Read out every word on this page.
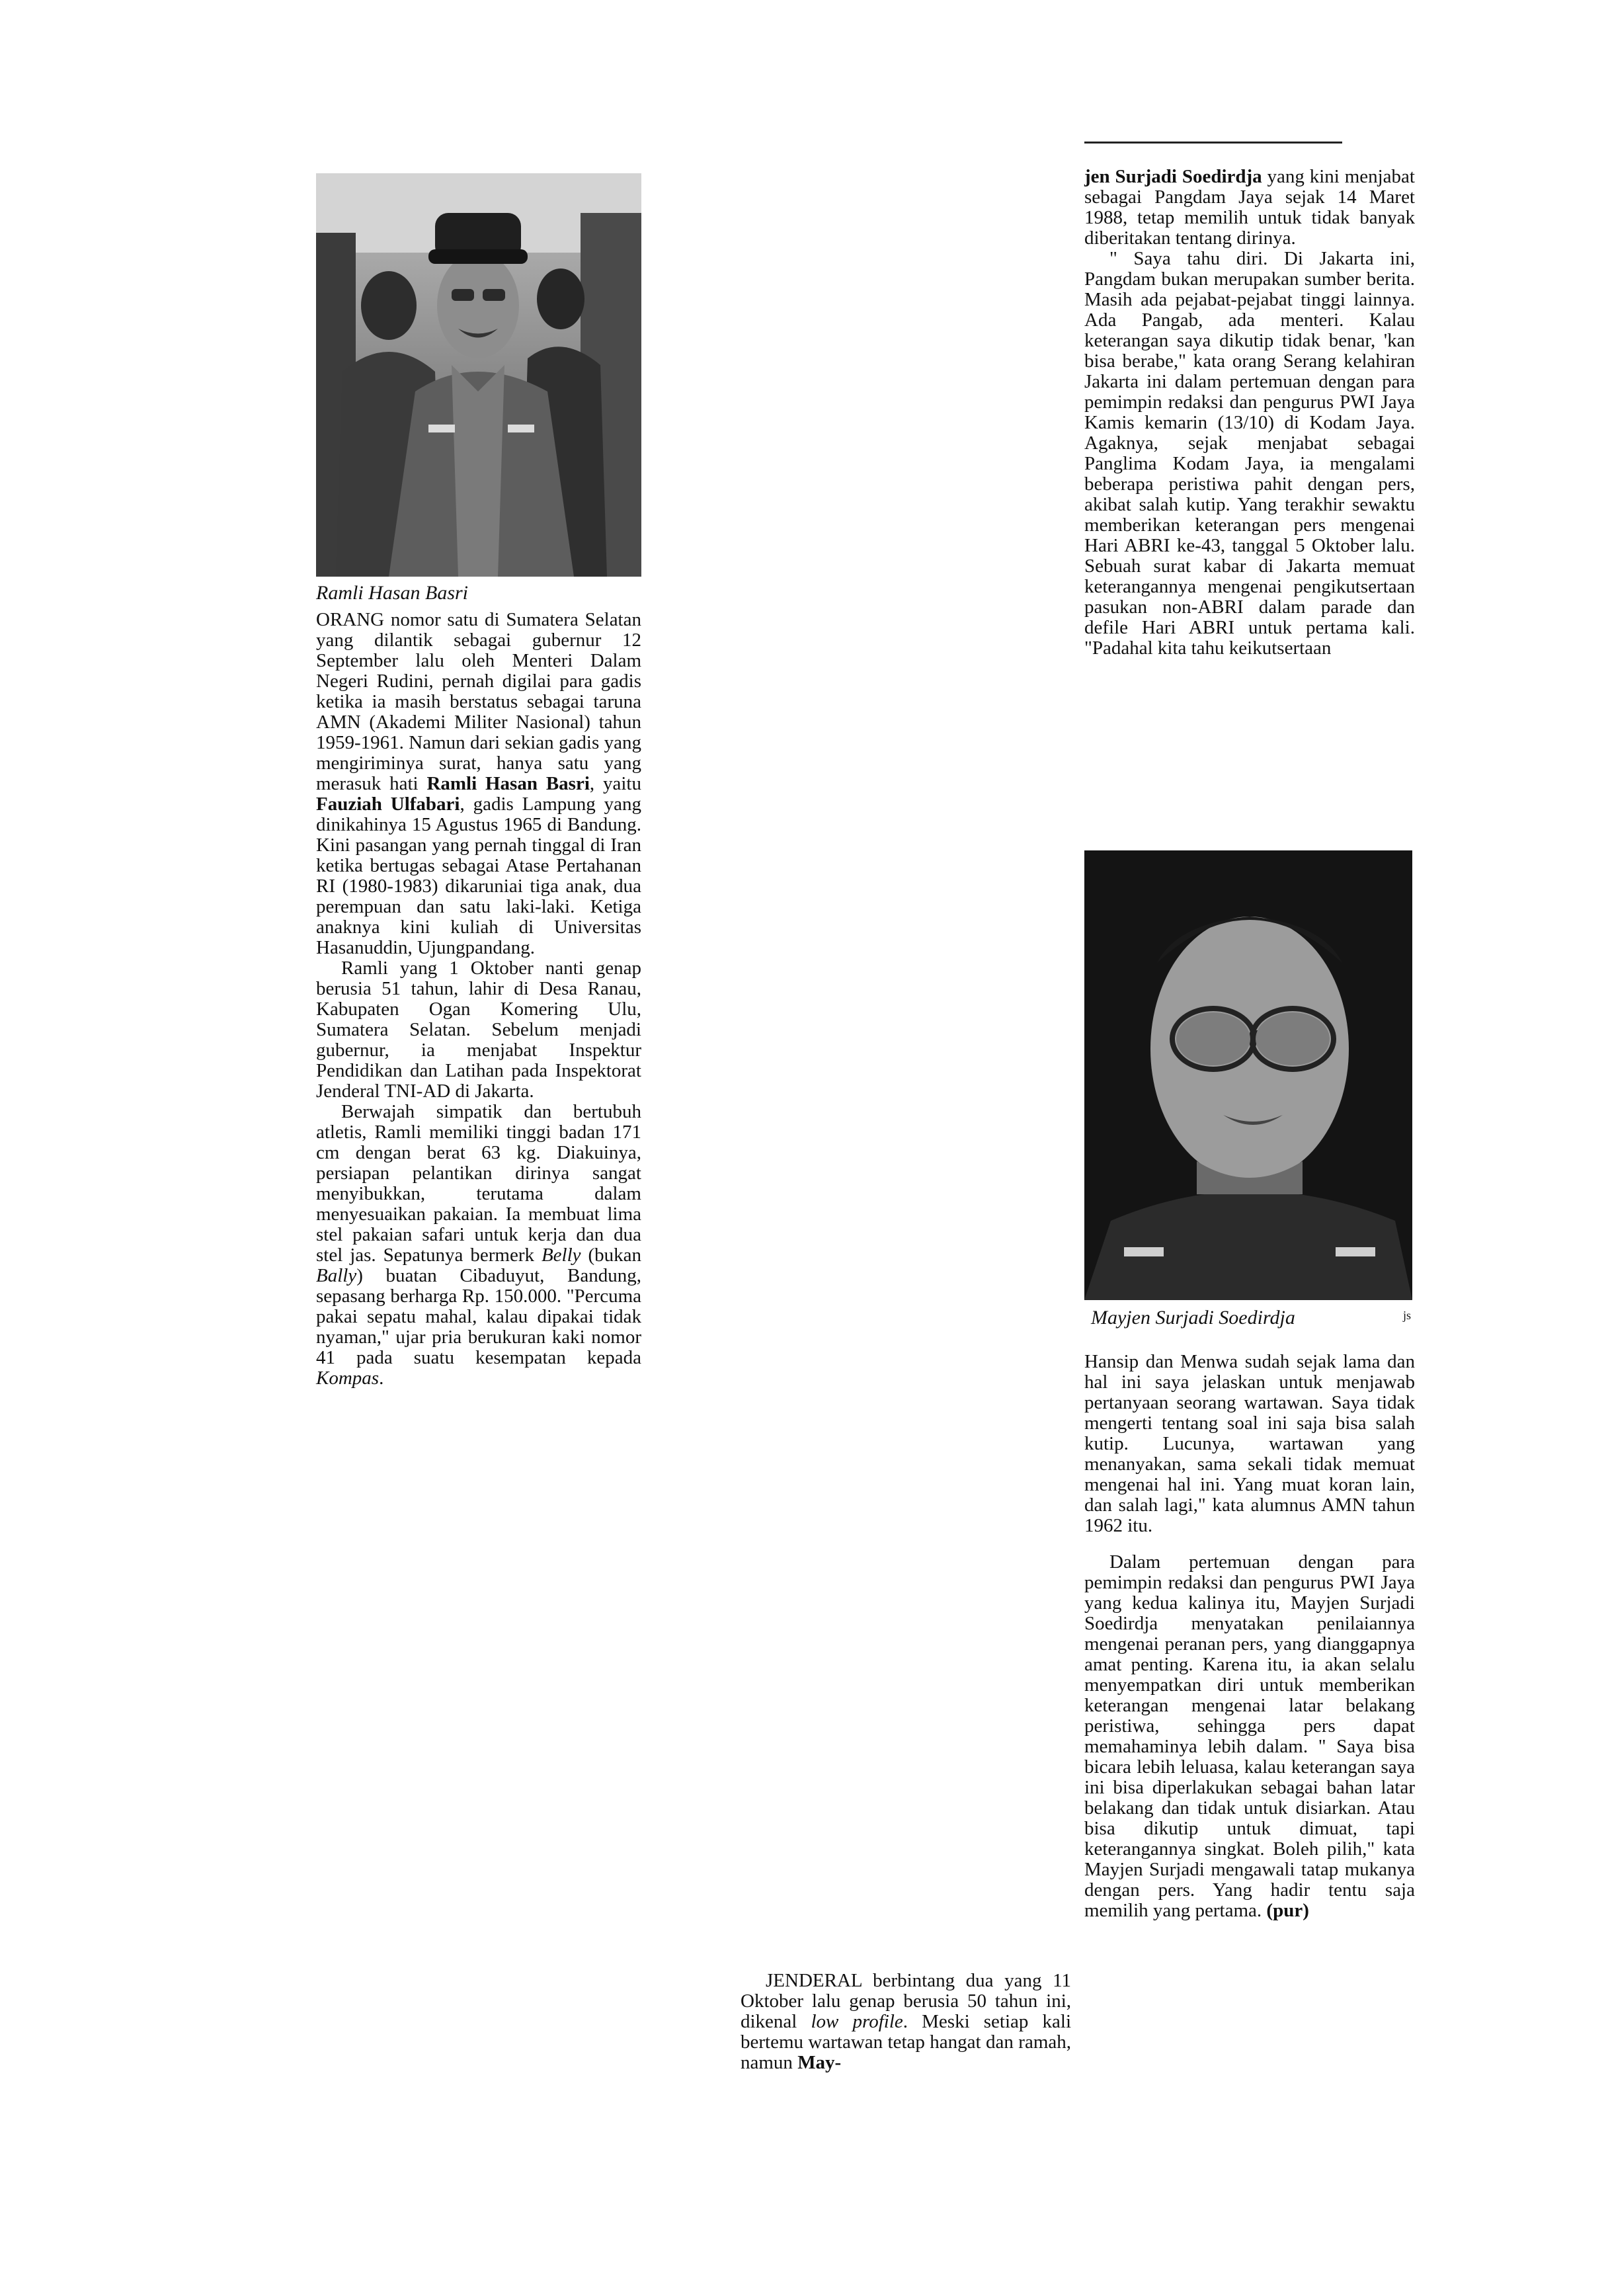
Ramli Hasan Basri

ORANG nomor satu di Sumatera Selatan yang dilantik sebagai gubernur 12 September lalu oleh Menteri Dalam Negeri Rudini, pernah digilai para gadis ketika ia masih berstatus sebagai taruna AMN (Akademi Militer Nasional) tahun 1959-1961. Namun dari sekian gadis yang mengiriminya surat, hanya satu yang merasuk hati Ramli Hasan Basri, yaitu Fauziah Ulfabari, gadis Lampung yang dinikahinya 15 Agustus 1965 di Bandung. Kini pasangan yang pernah tinggal di Iran ketika bertugas sebagai Atase Pertahanan RI (1980-1983) dikaruniai tiga anak, dua perempuan dan satu laki-laki. Ketiga anaknya kini kuliah di Universitas Hasanuddin, Ujungpandang.

Ramli yang 1 Oktober nanti genap berusia 51 tahun, lahir di Desa Ranau, Kabupaten Ogan Komering Ulu, Sumatera Selatan. Sebelum menjadi gubernur, ia menjabat Inspektur Pendidikan dan Latihan pada Inspektorat Jenderal TNI-AD di Jakarta.

Berwajah simpatik dan bertubuh atletis, Ramli memiliki tinggi badan 171 cm dengan berat 63 kg. Diakuinya, persiapan pelantikan dirinya sangat menyibukkan, terutama dalam menyesuaikan pakaian. Ia membuat lima stel pakaian safari untuk kerja dan dua stel jas. Sepatunya bermerk Belly (bukan Bally) buatan Cibaduyut, Bandung, sepasang berharga Rp. 150.000. "Percuma pakai sepatu mahal, kalau dipakai tidak nyaman," ujar pria berukuran kaki nomor 41 pada suatu kesempatan kepada Kompas.

jen Surjadi Soedirdja yang kini menjabat sebagai Pangdam Jaya sejak 14 Maret 1988, tetap memilih untuk tidak banyak diberitakan tentang dirinya.

" Saya tahu diri. Di Jakarta ini, Pangdam bukan merupakan sumber berita. Masih ada pejabat-pejabat tinggi lainnya. Ada Pangab, ada menteri. Kalau keterangan saya dikutip tidak benar, 'kan bisa berabe," kata orang Serang kelahiran Jakarta ini dalam pertemuan dengan para pemimpin redaksi dan pengurus PWI Jaya Kamis kemarin (13/10) di Kodam Jaya. Agaknya, sejak menjabat sebagai Panglima Kodam Jaya, ia mengalami beberapa peristiwa pahit dengan pers, akibat salah kutip. Yang terakhir sewaktu memberikan keterangan pers mengenai Hari ABRI ke-43, tanggal 5 Oktober lalu. Sebuah surat kabar di Jakarta memuat keterangannya mengenai pengikutsertaan pasukan non-ABRI dalam parade dan defile Hari ABRI untuk pertama kali. "Padahal kita tahu keikutsertaan

Mayjen Surjadi Soedirdja	js

Hansip dan Menwa sudah sejak lama dan hal ini saya jelaskan untuk menjawab pertanyaan seorang wartawan. Saya tidak mengerti tentang soal ini saja bisa salah kutip. Lucunya, wartawan yang menanyakan, sama sekali tidak memuat mengenai hal ini. Yang muat koran lain, dan salah lagi," kata alumnus AMN tahun 1962 itu.

Dalam pertemuan dengan para pemimpin redaksi dan pengurus PWI Jaya yang kedua kalinya itu, Mayjen Surjadi Soedirdja menyatakan penilaiannya mengenai peranan pers, yang dianggapnya amat penting. Karena itu, ia akan selalu menyempatkan diri untuk memberikan keterangan mengenai latar belakang peristiwa, sehingga pers dapat memahaminya lebih dalam. " Saya bisa bicara lebih leluasa, kalau keterangan saya ini bisa diperlakukan sebagai bahan latar belakang dan tidak untuk disiarkan. Atau bisa dikutip untuk dimuat, tapi keterangannya singkat. Boleh pilih," kata Mayjen Surjadi mengawali tatap mukanya dengan pers. Yang hadir tentu saja memilih yang pertama. (pur)

JENDERAL berbintang dua yang 11 Oktober lalu genap berusia 50 tahun ini, dikenal low profile. Meski setiap kali bertemu wartawan tetap hangat dan ramah, namun May-
